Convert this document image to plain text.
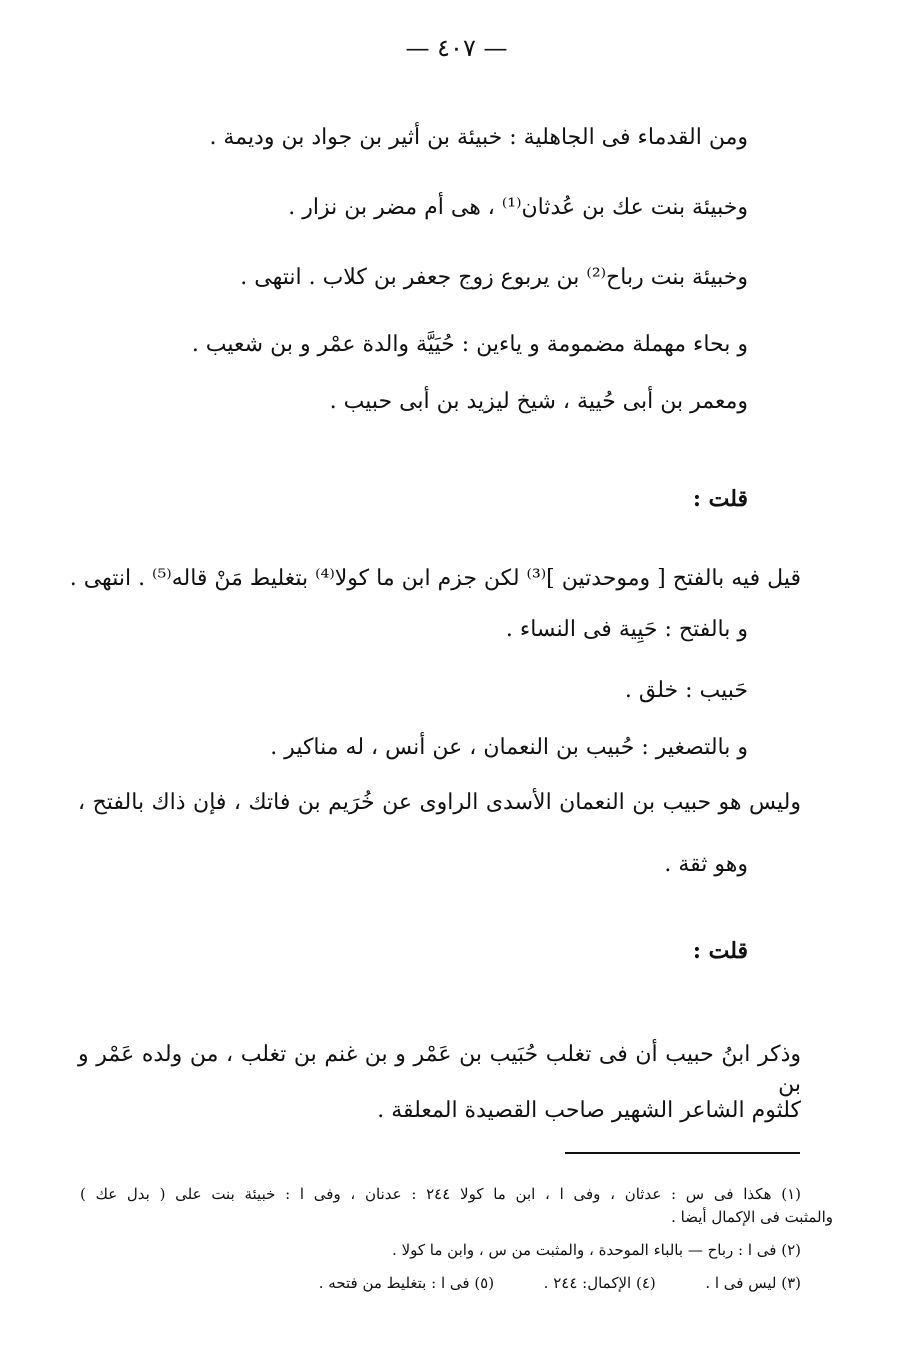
— ٤٠٧ —
ومن القدماء فى الجاهلية : خبيئة بن أثير بن جواد بن وديمة .
وخبيئة بنت عك بن عُدثان⁽¹⁾ ، هى أم مضر بن نزار .
وخبيئة بنت رباح⁽²⁾ بن يربوع زوج جعفر بن كلاب . انتهى .
و بحاء مهملة مضمومة و ياءين : حُيَيَّة والدة عمْر و بن شعيب .
ومعمر بن أبى حُيية ، شيخ ليزيد بن أبى حبيب .
قلت :
قيل فيه بالفتح [ وموحدتين ]⁽³⁾ لكن جزم ابن ما كولا⁽⁴⁾ بتغليط مَنْ قاله⁽⁵⁾ . انتهى .
و بالفتح : حَيِية فى النساء .
حَبيب : خلق .
و بالتصغير : حُبيب بن النعمان ، عن أنس ، له مناكير .
وليس هو حبيب بن النعمان الأسدى الراوى عن خُرَيم بن فاتك ، فإن ذاك بالفتح ،
وهو ثقة .
قلت :
وذكر ابنُ حبيب أن فى تغلب حُبَيب بن عَمْر و بن غنم بن تغلب ، من ولده عَمْر و بن
كلثوم الشاعر الشهير صاحب القصيدة المعلقة .
(١) هكذا فى س : عدثان ، وفى ا ، ابن ما كولا ٢٤٤ : عدنان ، وفى ا : خبيئة بنت على ( بدل عك )
والمثبت فى الإكمال أيضا .
(٢) فى ا : رباح — بالباء الموحدة ، والمثبت من س ، وابن ما كولا .
(٣) ليس فى ا .  (٤) الإكمال: ٢٤٤ .  (٥) فى ا : بتغليط من فتحه .
